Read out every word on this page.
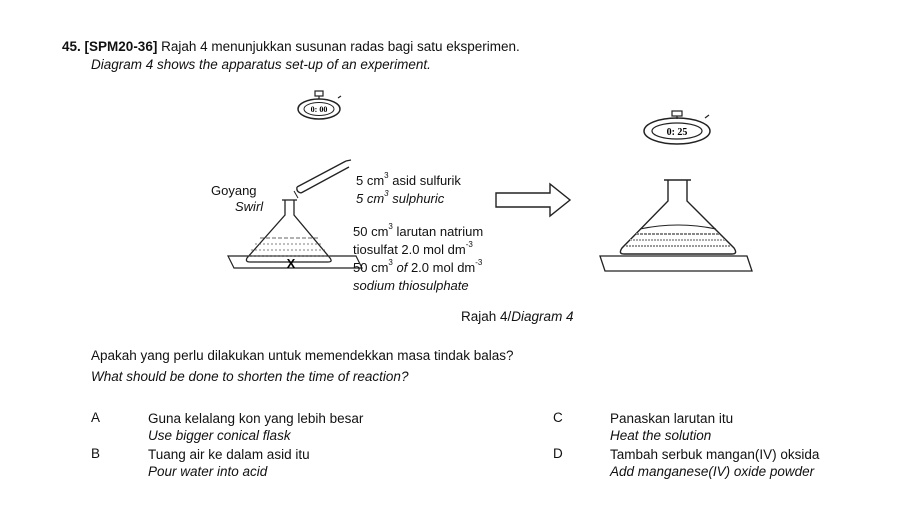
45. [SPM20-36] Rajah 4 menunjukkan susunan radas bagi satu eksperimen.
Diagram 4 shows the apparatus set-up of an experiment.
0: 00
0: 25
X
Goyang
Swirl
5 $cm^3$ asid sulfurik
5 $cm^3$ sulphuric
50 $cm^3$ larutan natrium
tiosulfat 2.0 mol $dm^{-3}$
50 $cm^3$ of 2.0 mol $dm^{-3}$
sodium thiosulphate
Rajah 4/Diagram 4
Apakah yang perlu dilakukan untuk memendekkan masa tindak balas?
What should be done to shorten the time of reaction?
A	Guna kelalang kon yang lebih besar
Use bigger conical flask
B	Tuang air ke dalam asid itu
Pour water into acid
C	Panaskan larutan itu
Heat the solution
D	Tambah serbuk mangan(IV) oksida
Add manganese(IV) oxide powder
